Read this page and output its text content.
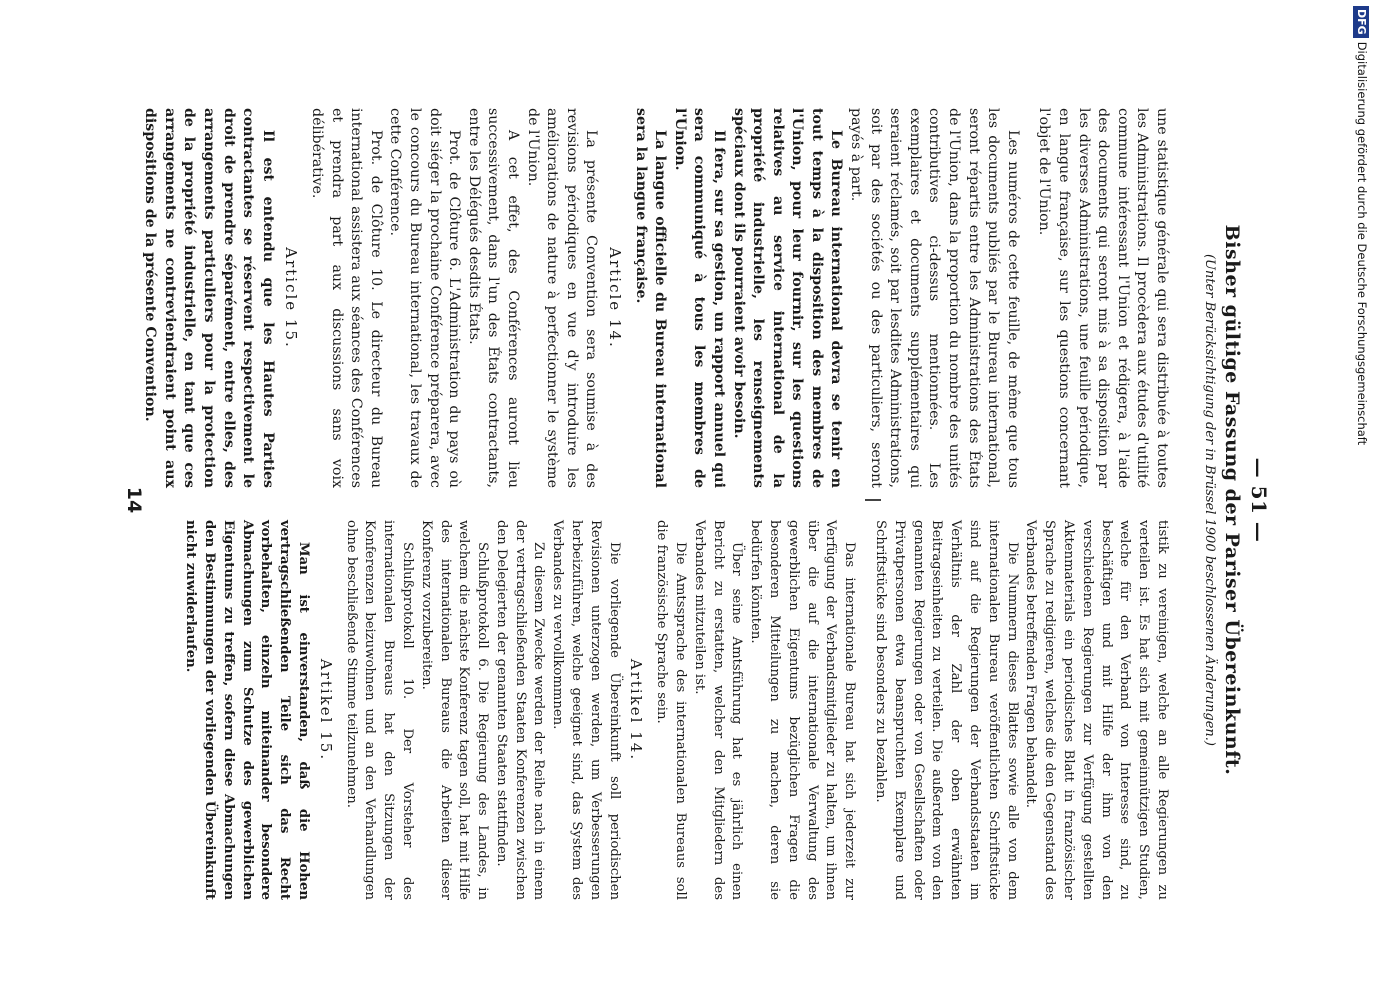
Bisher gültige Fassung der Pariser Übereinkunft.
(Unter Berücksichtigung der in Brüssel 1900 beschlossenen Änderungen.) — 51 —

une statistique générale qui sera distribuée à toutes les Administrations. Il procèdera aux études d'utilité commune intéressant l'Union et rédigera, à l'aide des documents qui seront mis à sa disposition par les diverses Administrations, une feuille périodique, en langue française, sur les questions concernant l'objet de l'Union.

Les numéros de cette feuille, de même que tous les documents publiés par le Bureau international, seront répartis entre les Administrations des États de l'Union, dans la proportion du nombre des unités contributives ci-dessus mentionnées. Les exemplaires et documents supplémentaires qui seraient réclamés, soit par lesdites Administrations, soit par des sociétés ou des particuliers, seront payés à part.

Le Bureau international devra se tenir en tout temps à la disposition des membres de l'Union, pour leur fournir, sur les questions relatives au service international de la propriété industrielle, les renseignements spéciaux dont ils pourraient avoir besoin.

Il fera, sur sa gestion, un rapport annuel qui sera communiqué à tous les membres de l'Union.

La langue officielle du Bureau international sera la langue française.

Article 14.

La présente Convention sera soumise à des revisions périodiques en vue d'y introduire les améliorations de nature à perfectionner le système de l'Union.

A cet effet, des Conférences auront lieu successivement, dans l'un des États contractants, entre les Délégués desdits États.

Prot. de Clôture 6. L'Administration du pays où doit siéger la prochaine Conférence préparera, avec le concours du Bureau international, les travaux de cette Conférence.

Prot. de Clôture 10. Le directeur du Bureau international assistera aux séances des Conférences et prendra part aux discussions sans voix délibérative.

Article 15.

Il est entendu que les Hautes Parties contractantes se réservent respectivement le droit de prendre séparément, entre elles, des arrangements particuliers pour la protection de la propriété industrielle, en tant que ces arrangements ne contreviendraient point aux dispositions de la présente Convention.

tistik zu vereinigen, welche an alle Regierungen zu verteilen ist. Es hat sich mit gemeinnützigen Studien, welche für den Verband von Interesse sind, zu beschäftigen und mit Hilfe der ihm von den verschiedenen Regierungen zur Verfügung gestellten Aktenmaterials ein periodisches Blatt in französischer Sprache zu redigieren, welches die den Gegenstand des Verbandes betreffenden Fragen behandelt.

Die Nummern dieses Blattes sowie alle von dem internationalen Bureau veröffentlichten Schriftstücke sind auf die Regierungen der Verbandsstaaten im Verhältnis der Zahl der oben erwähnten Beitragseinheiten zu verteilen. Die außerdem von den genannten Regierungen oder von Gesellschaften oder Privatpersonen etwa beanspruchten Exemplare und Schriftstücke sind besonders zu bezahlen.

Das internationale Bureau hat sich jederzeit zur Verfügung der Verbandsmitglieder zu halten, um ihnen über die auf die internationale Verwaltung des gewerblichen Eigentums bezüglichen Fragen die besonderen Mitteilungen zu machen, deren sie bedürfen könnten.

Über seine Amtsführung hat es jährlich einen Bericht zu erstatten, welcher den Mitgliedern des Verbandes mitzuteilen ist.

Die Amtssprache des internationalen Bureaus soll die französische Sprache sein.

Artikel 14.

Die vorliegende Übereinkunft soll periodischen Revisionen unterzogen werden, um Verbesserungen herbeizuführen, welche geeignet sind, das System des Verbandes zu vervollkommnen.

Zu diesem Zwecke werden der Reihe nach in einem der vertragschließenden Staaten Konferenzen zwischen den Delegierten der genannten Staaten stattfinden.

Schlußprotokoll 6. Die Regierung des Landes, in welchem die nächste Konferenz tagen soll, hat mit Hilfe des internationalen Bureaus die Arbeiten dieser Konferenz vorzubereiten.

Schlußprotokoll 10. Der Vorsteher des internationalen Bureaus hat den Sitzungen der Konferenzen beizuwohnen und an den Verhandlungen ohne beschließende Stimme teilzunehmen.

Artikel 15.

Man ist einverstanden, daß die Hohen vertragschließenden Teile sich das Recht vorbehalten, einzeln miteinander besondere Abmachungen zum Schutze des gewerblichen Eigentums zu treffen, sofern diese Abmachungen den Bestimmungen der vorliegenden Übereinkunft nicht zuwiderlaufen.

14
DFGDigitalisierung gefördert durch die Deutsche Forschungsgemeinschaft
